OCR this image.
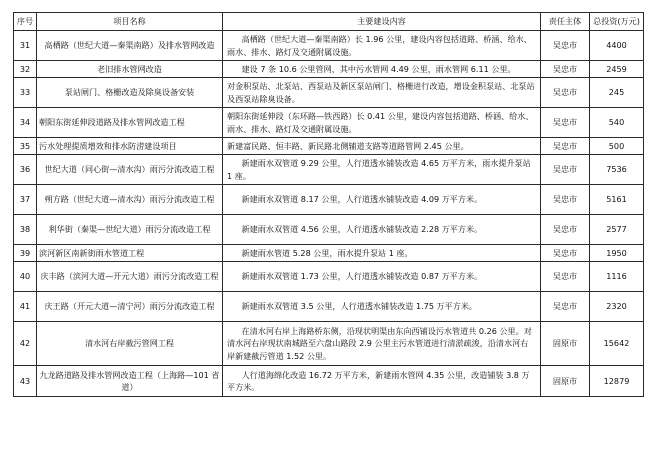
序号	项目名称	主要建设内容	责任主体	总投资(万元)
31	高栖路（世纪大道—秦渠南路）及排水管网改造	高栖路（世纪大道—秦渠南路）长 1.96 公里，建设内容包括道路、桥涵、给水、雨水、排水、路灯及交通附属设施。	吴忠市	4400
32	老旧排水管网改造	建设 7 条 10.6 公里管网，其中污水管网 4.49 公里，雨水管网 6.11 公里。	吴忠市	2459
33	泵站闸门、格栅改造及除臭设备安装	对金积泵站、北泵站、西泵站及新区泵站闸门、格栅进行改造，增设金积泵站、北泵站及西泵站除臭设备。	吴忠市	245
34	朝阳东街延伸段道路及排水管网改造工程	朝阳东街延伸段（东环路—铁西路）长 0.41 公里，建设内容包括道路、桥涵、给水、雨水、排水、路灯及交通附属设施。	吴忠市	540
35	污水处理提质增效和排水防涝建设项目	新建富民路、恒丰路、新民路北侧辅道支路等道路管网 2.45 公里。	吴忠市	500
36	世纪大道（同心街—清水沟）雨污分流改造工程	新建雨水双管道 9.29 公里，人行道透水铺装改造 4.65 万平方米，雨水提升泵站 1 座。	吴忠市	7536
37	朔方路（世纪大道—清水沟）雨污分流改造工程	新建雨水双管道 8.17 公里，人行道透水铺装改造 4.09 万平方米。	吴忠市	5161
38	利华街（秦渠—世纪大道）雨污分流改造工程	新建雨水双管道 4.56 公里，人行道透水铺装改造 2.28 万平方米。	吴忠市	2577
39	滨河新区南新街雨水管道工程	新建雨水管道 5.28 公里，雨水提升泵站 1 座。	吴忠市	1950
40	庆丰路（滨河大道—开元大道）雨污分流改造工程	新建雨水双管道 1.73 公里，人行道透水铺装改造 0.87 万平方米。	吴忠市	1116
41	庆王路（开元大道—清宁河）雨污分流改造工程	新建雨水双管道 3.5 公里，人行道透水铺装改造 1.75 万平方米。	吴忠市	2320
42	清水河右岸截污管网工程	在清水河右岸上海路桥东侧，沿现状明渠由东向西铺设污水管道共 0.26 公里。对清水河右岸现状南城路至六盘山路段 2.9 公里主污水管道进行清淤疏浚，沿清水河右岸新建截污管道 1.52 公里。	固原市	15642
43	九龙路道路及排水管网改造工程（上海路—101 省道）	人行道海绵化改造 16.72 万平方米，新建雨水管网 4.35 公里，改造铺装 3.8 万平方米。	固原市	12879
